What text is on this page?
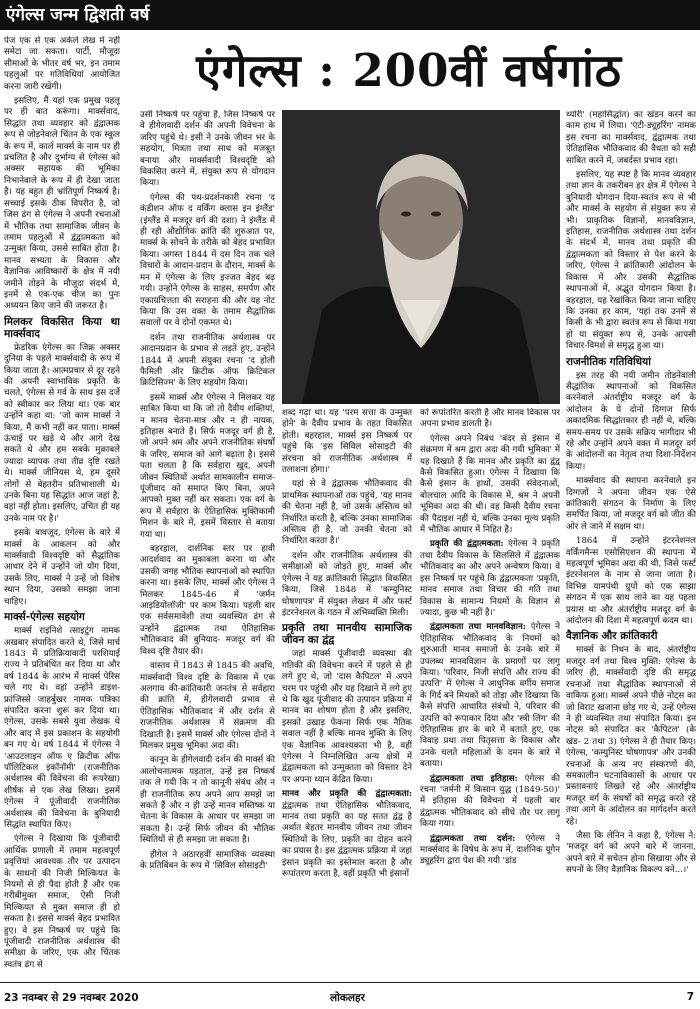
एंगेल्स जन्म द्विशती वर्ष
एंगेल्स : 200वीं वर्षगांठ

पेज एक से एक अकेले लेख में नहीं समेटा जा सकता। पार्टी, मौजूदा सीमाओं के भीतर वर्ष भर, इन तमाम पहलुओं पर गतिविधियां आयोजित करना जारी रखेगी।

इसलिए, मैं यहां एक प्रमुख पहलू पर ही बात करूंगा। मार्क्सवाद, सिद्धांत तथा व्यवहार को द्वंद्वात्मक रूप से जोड़नेवाले चिंतन के एक स्कूल के रूप में, कार्ल मार्क्स के नाम पर ही प्रचलित है और दुर्भाग्य से एंगेल्स को अक्सर सहायक की भूमिका निभानेवाले के रूप में ही देखा जाता है। यह बहुत ही भ्रांतिपूर्ण निष्कर्ष है। सच्चाई इसके ठीक विपरीत है, जो जिस ढंग से एंगेल्स ने अपनी रचनाओं में भौतिक तथा सामाजिक जीवन के तमाम पहलुओं में द्वंद्वात्मकता को उन्मुक्त किया, उससे साबित होता है। मानव सभ्यता के विकास और वैज्ञानिक आविष्कारों के क्षेत्र में नयी जमीनें तोड़ने के मौजूदा संदर्भ में, इनमें से एक-एक चीज का पुनः अध्ययन किए जाने की जरूरत है।

मिलकर विकसित किया था मार्क्सवाद

फ्रेडरिक एंगेल्स का जिक्र अक्सर दुनिया के पहले मार्क्सवादी के रूप में किया जाता है। आत्मप्रचार से दूर रहने की अपनी स्वाभाविक प्रकृति के चलते, एंगेल्स से गर्व के साथ इस दर्जे को स्वीकार कर लिया था। एक बार उन्होंने कहा था: 'जो काम मार्क्स ने किया, मैं कभी नहीं कर पाता। मार्क्स ऊंचाई पर खड़े थे और आगे देख सकते थे और हम सबके मुकाबले ज्यादा व्यापक तथा तीव्र दृष्टि रखते थे। मार्क्स जीनियस थे, हम दूसरे लोगों से बेहतरीन प्रतिभाशाली थे। उनके बिना यह सिद्धांत आज जहां है, वहां नहीं होता। इसलिए, उचित ही यह उनके नाम पर है।'

इसके बावजूद, एंगेल्स के बारे में मार्क्स के आकलन को और मार्क्सवादी विश्वदृष्टि को सैद्धांतिक आधार देने में उन्होंने जो योग दिया, उसके लिए, मार्क्स ने उन्हें जो विशेष स्थान दिया, उसको समझा जाना चाहिए।

मार्क्स-एंगेल्स सहयोग

मार्क्स राइनिशे त्साइटुंग नामक अखबार संपादित करते थे, जिसे मार्च 1843 में प्रतिक्रियावादी परशियाई राज्य ने प्रतिबंधित कर दिया था और वर्ष 1844 के आरंभ में मार्क्स पेरिस चले गए थे। वहां उन्होंने डाइश-फ्रांजिस्से जाहर्बुखर नामक पत्रिका संपादित करना शुरू कर दिया था। एंगेल्स, उसके सबसे युवा लेखक थे और बाद में इस प्रकाशन के सहयोगी बन गए थे। वर्ष 1844 में एंगेल्स ने 'आउटलाइन ऑफ ए क्रिटीक ऑफ पॉलिटिकल इकॉनॉमी' (राजनीतिक अर्थशास्त्र की विवेचना की रूपरेखा) शीर्षक से एक लेख लिखा। इसमें एंगेल्स ने पूंजीवादी राजनीतिक अर्थशास्त्र की विवेचना के बुनियादी सिद्धांत स्थापित किए।

एंगेल्स ने दिखाया कि पूंजीवादी आर्थिक प्रणाली में तमाम महत्वपूर्ण प्रवृत्तियां आवश्यक तौर पर उत्पादन के साधनों की निजी मिल्कियत के नियमों से ही पैदा होती हैं और एक गरीबीमुक्त समाज, ऐसी निजी मिल्कियत से मुक्त समाज ही हो सकता है। इससे मार्क्स बेहद प्रभावित हुए। वे इस निष्कर्ष पर पहुंचे कि पूंजीवादी राजनीतिक अर्थशास्त्र की समीक्षा के जरिए, एक और चिंतक स्वतंत्र ढंग से

उसी निष्कर्ष पर पहुंचा है, जिस निष्कर्ष पर वे हीगेलवादी दर्शन की अपनी विवेचना के जरिए पहुंचे थे। इसी ने उनके जीवन भर के सहयोग, मित्रता तथा साथ को मजबूत बनाया और मार्क्सवादी विश्वदृष्टि को विकसित करने में, संयुक्त रूप से योगदान किया।

एंगेल्स की पथ-प्रदर्शनकारी रचना 'द कंडीशन ऑफ द वर्किंग क्लास इन इंग्लैंड' (इंग्लैंड में मजदूर वर्ग की दशा) ने इंग्लैंड में ही रही औद्योगिक क्रांति की शुरुआत पर, मार्क्स के सोचने के तरीके को बेहद प्रभावित किया। अगस्त 1844 में दस दिन तक चले विचारों के आदान-प्रदान के दौरान, मार्क्स के मन में एंगेल्स के लिए इज्जत बेहद बढ़ गयी। उन्होंने एंगेल्स के साहस, समर्पण और एकाग्रचित्तता की सराहना की और यह नोट किया कि उस वक्त के तमाम सैद्धांतिक सवालों पर वे दोनों एकमत थे।

दर्शन तथा राजनीतिक अर्थशास्त्र पर आदानप्रदान के प्रभाव से लड़ते हुए, उन्होंने 1844 में अपनी संयुक्त रचना 'द होली फैमिली ऑर क्रिटीक ऑफ क्रिटिकल क्रिटिसिज्म' के लिए सहयोग किया।

इसमें मार्क्स और एंगेल्स ने मिलकर यह साबित किया था कि जो तो दैवीय शक्तियां, न मानव चेतना-मात्र और न ही नायक, इतिहास बनाते हैं। सिर्फ मजदूर वर्ग ही है, जो अपने श्रम और अपने राजनीतिक संघर्षों के जरिए, समाज को आगे बढ़ाता है। इससे पता चलता है कि सर्वहारा खुद, अपनी जीवन स्थितियों अर्थात सामकालीन समाज-पूंजीवाद को समाप्त किए बिना, अपने आपको मुक्त नहीं कर सकता। एक वर्ग के रूप में सर्वहारा के ऐतिहासिक मुक्तिकामी मिशन के बारे में, इसमें विस्तार से बताया गया था।

बहरहाल, दार्शनिक स्तर पर हावी आदर्शवाद का मुकाबला करना था और उसकी जगह भौतिक स्थापनाओं को स्थापित करना था। इसके लिए, मार्क्स और एंगेल्स ने मिलकर 1845-46 में 'जर्मन आइडियोलॉजी' पर काम किया। पहली बार एक सर्वसमावेशी तथा व्यवस्थित ढंग से उन्होंने द्वंद्वात्मक तथा ऐतिहासिक भौतिकवाद की बुनियाद- मजदूर वर्ग की विश्व दृष्टि तैयार की।

वास्तव में 1843 से 1845 की अवधि, मार्क्सवादी विश्व दृष्टि के विकास में एक अलगाव की-क्रांतिकारी जनतंत्र से सर्वहारा की क्रांति में, हीगेलवादी प्रभाव से ऐतिहासिक भौतिकवाद में और दर्शन से राजनीतिक अर्थशास्त्र में संक्रमण की दिखाती है। इसमें मार्क्स और एंगेल्स दोनों ने मिलकर प्रमुख भूमिका अदा की।

कानून के हीगेलवादी दर्शन की मार्क्स की आलोचनात्मक पड़ताल, उन्हें इस निष्कर्ष तक ले गयी कि न तो कानूनी संबंध और न ही राजनीतिक रूप अपने आप समझे जा सकते हैं और न ही उन्हें मानव मस्तिष्क या चेतना के विकास के आधार पर समझा जा सकता है। उन्हें सिर्फ जीवन की भौतिक स्थितियों से ही समझा जा सकता है।

हीगेल ने अठारहवीं सामाजिक व्यवस्था के प्रतिबिंबन के रूप में 'सिविल सोसाइटी'

शब्द गढ़ा था। यह 'परम सत्ता के उन्मुक्त होने' के दैवीय प्रभाव के तहत विकसित होती। बहरहाल, मार्क्स इस निष्कर्ष पर पहुंचे कि 'इस सिविल सोसाइटी की संरचना को राजनीतिक अर्थशास्त्र में तलाशना होगा।'

यहां से वे द्वंद्वात्मक भौतिकवाद की प्राथमिक स्थापनाओं तक पहुंचे, 'यह मानव की चेतना नहीं है, जो उसके अस्तित्व को निर्धारित करती है, बल्कि उनका सामाजिक अस्तित्व ही है, जो उनकी चेतना को निर्धारित करता है।'

दर्शन और राजनीतिक अर्थशास्त्र की समीक्षाओं को जोड़ते हुए, मार्क्स और एंगेल्स ने यह क्रांतिकारी सिद्धांत विकसित किया, जिसे 1848 में 'कम्युनिस्ट घोषणापत्र' में संयुक्त लेखन में और फर्स्ट इंटरनेशनल के गठन में अभिव्यक्ति मिली।

प्रकृति तथा मानवीय सामाजिक जीवन का द्वंद्व

जहां मार्क्स पूंजीवादी व्यवस्था की गतिकी की विवेचना करने में पहले से ही लगे हुए थे, जो 'दास कैपिटल' में अपने चरम पर पहुंची और यह दिखाने में लगे हुए थे कि खुद पूंजीवाद की उत्पादन प्रक्रिया में मानव का शोषण होता है और इसलिए, इसको उखाड़ फेंकना सिर्फ एक नैतिक सवाल नहीं है बल्कि मानव मुक्ति के लिए एक वैज्ञानिक आवश्यकता भी है, वहीं एंगेल्स ने निम्नलिखित अन्य क्षेत्रों में द्वंद्वात्मकता को उन्मुक्तता को विस्तार देने पर अपना ध्यान केंद्रित किया।

मानव और प्रकृति की द्वंद्वात्मकता: द्वंद्वात्मक तथा ऐतिहासिक भौतिकवाद, मानव तथा प्रकृति का यह सतत द्वंद्व है अर्थात बेहतर मानवीय जीवन तथा जीवन स्थितियों के लिए, प्रकृति का दोहन करने का प्रयास है। इस द्वंद्वात्मक प्रक्रिया में जहां इंसान प्रकृति का इस्तेमाल करता है और रूपांतरण करता है, वहीं प्रकृति भी इंसानों

को रूपांतरित करती है और मानव विकास पर अपना प्रभाव डालती है।

एंगेल्स अपने निबंध 'बंदर से इंसान में संक्रमण में श्रम द्वारा अदा की गयी भूमिका' में यह दिखाते हैं कि मानव और प्रकृति का द्वंद्व कैसे विकसित हुआ। एंगेल्स ने दिखाया कि कैसे इंसान के हाथों, उसकी संवेदनाओं, बोलचाल आदि के विकास में, श्रम ने अपनी भूमिका अदा की थी। वह किसी दैवीय रचना की पैदाइश नहीं थे, बल्कि उनका मूल्य प्रकृति में भौतिक आधार में निहित है।

प्रकृति की द्वंद्वात्मकता: एंगेल्स ने प्रकृति तथा दैवीय विकास के सिलसिले में द्वंद्वात्मक भौतिकवाद का और अपने अन्वेषण किया। वे इस निष्कर्ष पर पहुंचे कि द्वंद्वात्मकता 'प्रकृति, मानव समाज तथा विचार की गति तथा विकास के सामान्य नियमों के विज्ञान से ज्यादा, कुछ भी नहीं है।'

द्वंद्वात्मकता तथा मानवविज्ञान: एंगेल्स ने ऐतिहासिक भौतिकवाद के नियमों को शुरुआती मानव समाजों के उनके बारे में उपलब्ध मानवविज्ञान के प्रमाणों पर लागू किया। 'परिवार, निजी संपत्ति और राज्य की उत्पत्ति' में एंगेल्स ने आधुनिक वर्गीय समाज के गिर्द बने मिथकों को तोड़ा और दिखाया कि कैसे संपत्ति आधारित संबंधों ने, परिवार की उत्पत्ति को रूपाकार दिया और 'स्त्री लिंग' की ऐतिहासिक हार के बारे में बताते हुए, एक विवाह प्रथा तथा पितृसत्ता के विकास और उनके चलते महिलाओं के दमन के बारे में बताया।

द्वंद्वात्मकता तथा इतिहास: एंगेल्स की रचना 'जर्मनी में किसान युद्ध (1849-50)' में इतिहास की विवेचना में पहली बार द्वंद्वात्मक भौतिकवाद को सीधे तौर पर लागू किया गया।

द्वंद्वात्मकता तथा दर्शन: एंगेल्स ने मार्क्सवाद के विषेध के रूप में, दार्शनिक यूगेन ड्यूहरिंग द्वारा पेश की गयी 'डांड

थ्योरी' (महासिद्धांत) का खंडन करने का काम हाथ में लिया। 'एंटी-ड्यूहरिंग' नामक इस रचना का मार्क्सवाद, द्वंद्वात्मक तथा ऐतिहासिक भौतिकवाद की वैधता को सही साबित करने में, जबर्दस्त प्रभाव रहा।

इसलिए, यह स्पष्ट है कि मानव व्यवहार तथा ज्ञान के तकरीबन हर क्षेत्र में एंगेल्स ने बुनियादी योगदान दिया-स्वतंत्र रूप से भी और मार्क्स के सहयोग से संयुक्त रूप से भी। प्राकृतिक विज्ञानों, मानवविज्ञान, इतिहास, राजनीतिक अर्थशास्त्र तथा दर्शन के संदर्भ में, मानव तथा प्रकृति की द्वंद्वात्मकता को विस्तार से पेश करने के जरिए, एंगेल्स ने क्रांतिकारी आंदोलन के विकास में और उसकी सैद्धांतिक स्थापनाओं में, अद्भुत योगदान किया है। बहरहाल, यह रेखांकित किया जाना चाहिए कि उनका हर काम, 'यहां तक उनमें से किसी के भी द्वारा स्वतंत्र रूप से किया गया हो या संयुक्त रूप से, उनके आपसी विचार-विमर्श से समृद्ध हुआ था।

राजनीतिक गतिविधियां

इस तरह की नयी जमीन तोड़नेवाली सैद्धांतिक स्थापनाओं को विकसित करनेवाले अंतर्राष्ट्रीय मजदूर वर्ग के आंदोलन के ये दोनों दिग्गज सिर्फ अकादमिक सिद्धांतकार ही नहीं थे, बल्कि समय-समय पर उसके सक्रिय भागीदार भी रहे और उन्होंने अपने वक्त में मजदूर वर्ग के आंदोलनों का नेतृत्व तथा दिशा-निर्देशन किया।

मार्क्सवाद की स्थापना करनेवाले इन दिग्गजों ने अपना जीवन एक ऐसे क्रांतिकारी संगठन के निर्माण के लिए समर्पित किया, जो मजदूर वर्ग को जीत की ओर ले जाने में सक्षम था।

1864 में उन्होंने इंटरनेशनल वर्किंगमैन्स एसोसिएशन की स्थापना में महत्वपूर्ण भूमिका अदा की थी, जिसे फर्स्ट इंटरनेशनल के नाम से जाना जाता है। विभिन्न यामपंथी ग्रुपों को एक साझा संगठन में एक साथ लाने का यह पहला प्रयास था और अंतर्राष्ट्रीय मजदूर वर्ग के आंदोलन की दिशा में महत्वपूर्ण कदम था।

वैज्ञानिक और क्रांतिकारी

मार्क्स के निधन के बाद, अंतर्राष्ट्रीय मजदूर वर्ग तथा विश्व मुक्ति: एंगेल्स के जरिए ही, मार्क्सवादी दृष्टि की समृद्ध रचनाओं तथा सैद्धांतिक स्थापनाओं से वाकिफ हुआ। मार्क्स अपने पीछे नोट्स का जो विराट खजाना छोड़ गए थे, उन्हें एंगेल्स ने ही व्यवस्थित तथा संपादित किया। इन नोट्स को संपादित कर 'कैपिटल' (के खंड- 2 तथा 3) एंगेल्स ने ही तैयार किए। एंगेल्स, 'कम्युनिस्ट घोषणापत्र' और उनकी रचनाओं के अन्य नए संस्करणों की, समकालीन घटनाविकासों के आधार पर प्रस्तावनाएं लिखते रहे और अंतर्राष्ट्रीय मजदूर वर्ग के संघर्षों को समृद्ध करते रहे तथा आगे के आंदोलन का मार्गदर्शन करते रहे।

जैसा कि लेनिन ने कहा है, एंगेल्स ने: 'मजदूर वर्ग को अपने बारे में जानना, अपने बारे में सचेतन होना सिखाया और से सपनों के लिए वैज्ञानिक विकल्प बने...।'

23 नवम्बर से 29 नवम्बर 2020	लोकलहर	7
